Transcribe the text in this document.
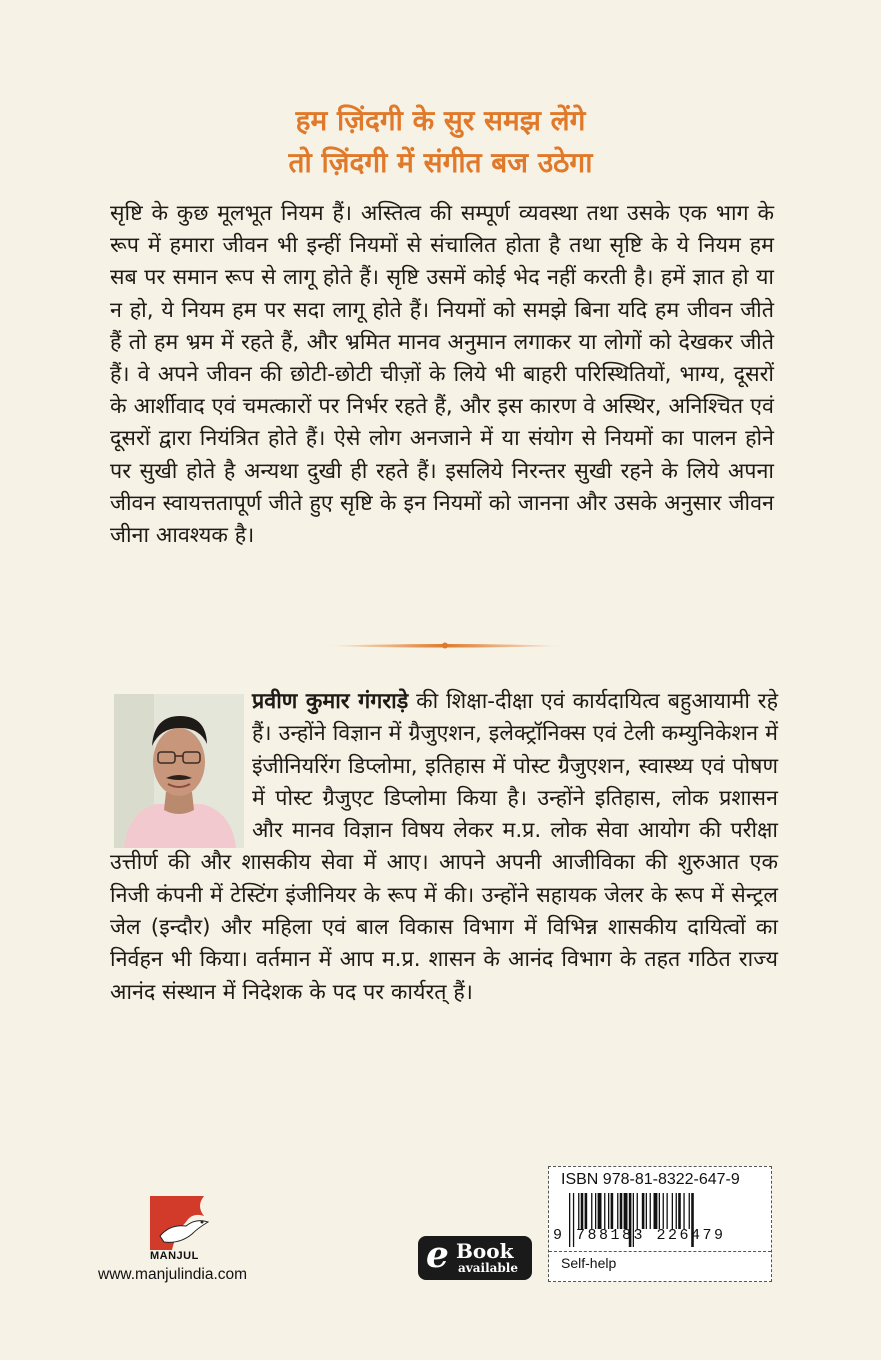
हम ज़िंदगी के सुर समझ लेंगे
तो ज़िंदगी में संगीत बज उठेगा
सृष्टि के कुछ मूलभूत नियम हैं। अस्तित्व की सम्पूर्ण व्यवस्था तथा उसके एक भाग के रूप में हमारा जीवन भी इन्हीं नियमों से संचालित होता है तथा सृष्टि के ये नियम हम सब पर समान रूप से लागू होते हैं। सृष्टि उसमें कोई भेद नहीं करती है। हमें ज्ञात हो या न हो, ये नियम हम पर सदा लागू होते हैं। नियमों को समझे बिना यदि हम जीवन जीते हैं तो हम भ्रम में रहते हैं, और भ्रमित मानव अनुमान लगाकर या लोगों को देखकर जीते हैं। वे अपने जीवन की छोटी-छोटी चीज़ों के लिये भी बाहरी परिस्थितियों, भाग्य, दूसरों के आर्शीवाद एवं चमत्कारों पर निर्भर रहते हैं, और इस कारण वे अस्थिर, अनिश्चित एवं दूसरों द्वारा नियंत्रित होते हैं। ऐसे लोग अनजाने में या संयोग से नियमों का पालन होने पर सुखी होते है अन्यथा दुखी ही रहते हैं। इसलिये निरन्तर सुखी रहने के लिये अपना जीवन स्वायत्ततापूर्ण जीते हुए सृष्टि के इन नियमों को जानना और उसके अनुसार जीवन जीना आवश्यक है।
प्रवीण कुमार गंगराड़े की शिक्षा-दीक्षा एवं कार्यदायित्व बहुआयामी रहे हैं। उन्होंने विज्ञान में ग्रैजुएशन, इलेक्ट्रॉनिक्स एवं टेली कम्युनिकेशन में इंजीनियरिंग डिप्लोमा, इतिहास में पोस्ट ग्रैजुएशन, स्वास्थ्य एवं पोषण में पोस्ट ग्रैजुएट डिप्लोमा किया है। उन्होंने इतिहास, लोक प्रशासन और मानव विज्ञान विषय लेकर म.प्र. लोक सेवा आयोग की परीक्षा उत्तीर्ण की और शासकीय सेवा में आए। आपने अपनी आजीविका की शुरुआत एक निजी कंपनी में टेस्टिंग इंजीनियर के रूप में की। उन्होंने सहायक जेलर के रूप में सेन्ट्रल जेल (इन्दौर) और महिला एवं बाल विकास विभाग में विभिन्न शासकीय दायित्वों का निर्वहन भी किया। वर्तमान में आप म.प्र. शासन के आनंद विभाग के तहत गठित राज्य आनंद संस्थान में निदेशक के पद पर कार्यरत् हैं।
MANJUL
www.manjulindia.com	e Book
available
ISBN 978-81-8322-647-9
9 788183 226479
Self-help
